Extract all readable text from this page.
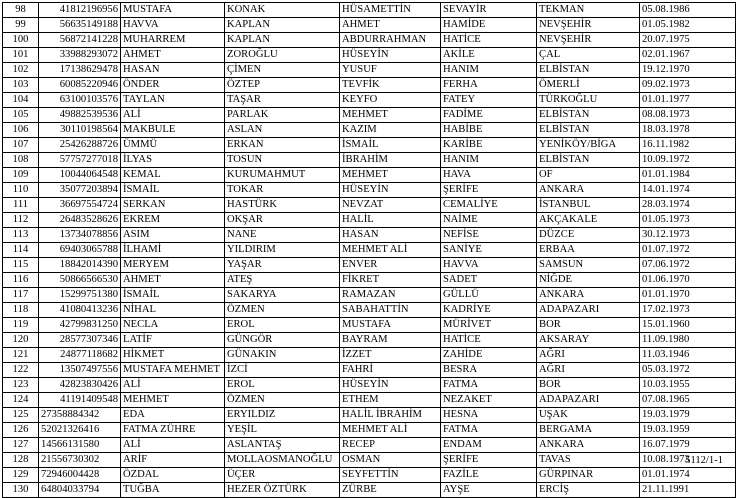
98	41812196956	MUSTAFA	KONAK	HÜSAMETTİN	SEVAYİR	TEKMAN	05.08.1986
99	56635149188	HAVVA	KAPLAN	AHMET	HAMİDE	NEVŞEHİR	01.05.1982
100	56872141228	MUHARREM	KAPLAN	ABDURRAHMAN	HATİCE	NEVŞEHİR	20.07.1975
101	33988293072	AHMET	ZOROĞLU	HÜSEYİN	AKİLE	ÇAL	02.01.1967
102	17138629478	HASAN	ÇİMEN	YUSUF	HANIM	ELBİSTAN	19.12.1970
103	60085220946	ÖNDER	ÖZTEP	TEVFİK	FERHA	ÖMERLİ	09.02.1973
104	63100103576	TAYLAN	TAŞAR	KEYFO	FATEY	TÜRKOĞLU	01.01.1977
105	49882539536	ALİ	PARLAK	MEHMET	FADİME	ELBİSTAN	08.08.1973
106	30110198564	MAKBULE	ASLAN	KAZIM	HABİBE	ELBİSTAN	18.03.1978
107	25426288726	ÜMMÜ	ERKAN	İSMAİL	KARİBE	YENİKÖY/BİGA	16.11.1982
108	57757277018	İLYAS	TOSUN	İBRAHİM	HANIM	ELBİSTAN	10.09.1972
109	10044064548	KEMAL	KURUMAHMUT	MEHMET	HAVA	OF	01.01.1984
110	35077203894	İSMAİL	TOKAR	HÜSEYİN	ŞERİFE	ANKARA	14.01.1974
111	36697554724	SERKAN	HASTÜRK	NEVZAT	CEMALİYE	İSTANBUL	28.03.1974
112	26483528626	EKREM	OKŞAR	HALİL	NAİME	AKÇAKALE	01.05.1973
113	13734078856	ASIM	NANE	HASAN	NEFİSE	DÜZCE	30.12.1973
114	69403065788	İLHAMİ	YILDIRIM	MEHMET ALİ	SANİYE	ERBAA	01.07.1972
115	18842014390	MERYEM	YAŞAR	ENVER	HAVVA	SAMSUN	07.06.1972
116	50866566530	AHMET	ATEŞ	FİKRET	SADET	NİĞDE	01.06.1970
117	15299751380	İSMAİL	SAKARYA	RAMAZAN	GÜLLÜ	ANKARA	01.01.1970
118	41080413236	NİHAL	ÖZMEN	SABAHATTİN	KADRİYE	ADAPAZARI	17.02.1973
119	42799831250	NECLA	EROL	MUSTAFA	MÜRİVET	BOR	15.01.1960
120	28577307346	LATİF	GÜNGÖR	BAYRAM	HATİCE	AKSARAY	11.09.1980
121	24877118682	HİKMET	GÜNAKIN	İZZET	ZAHİDE	AĞRI	11.03.1946
122	13507497556	MUSTAFA MEHMET	İZCİ	FAHRİ	BESRA	AĞRI	05.03.1972
123	42823830426	ALİ	EROL	HÜSEYİN	FATMA	BOR	10.03.1955
124	41191409548	MEHMET	ÖZMEN	ETHEM	NEZAKET	ADAPAZARI	07.08.1965
125	27358884342	EDA	ERYILDIZ	HALİL İBRAHİM	HESNA	UŞAK	19.03.1979
126	52021326416	FATMA ZÜHRE	YEŞİL	MEHMET ALİ	FATMA	BERGAMA	19.03.1959
127	14566131580	ALİ	ASLANTAŞ	RECEP	ENDAM	ANKARA	16.07.1979
128	21556730302	ARİF	MOLLAOSMANOĞLU	OSMAN	ŞERİFE	TAVAS	10.08.1973
129	72946004428	ÖZDAL	ÜÇER	SEYFETTİN	FAZİLE	GÜRPINAR	01.01.1974
130	64804033794	TUĞBA	HEZER ÖZTÜRK	ZÜRBE	AYŞE	ERCİŞ	21.11.1991
5112/1-1
